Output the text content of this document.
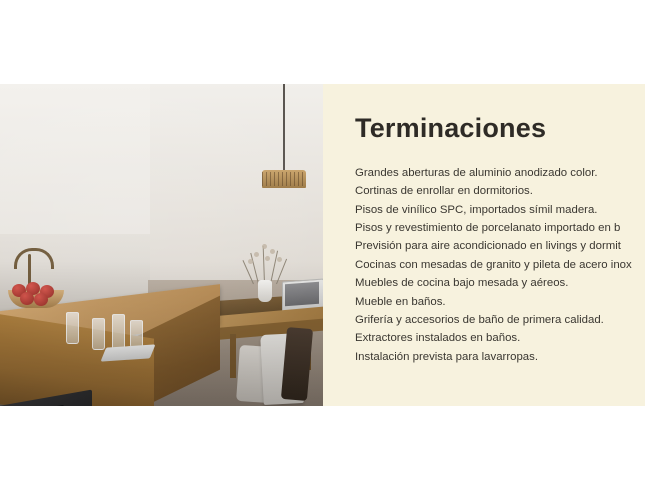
Terminaciones
Grandes aberturas de aluminio anodizado color.
Cortinas de enrollar en dormitorios.
Pisos de vinílico SPC, importados símil madera.
Pisos y revestimiento de porcelanato importado en b
Previsión para aire acondicionado en livings y dormit
Cocinas con mesadas de granito y pileta de acero inox
Muebles de cocina bajo mesada y aéreos.
Mueble en baños.
Grifería y accesorios de baño de primera calidad.
Extractores instalados en baños.
Instalación prevista para lavarropas.
